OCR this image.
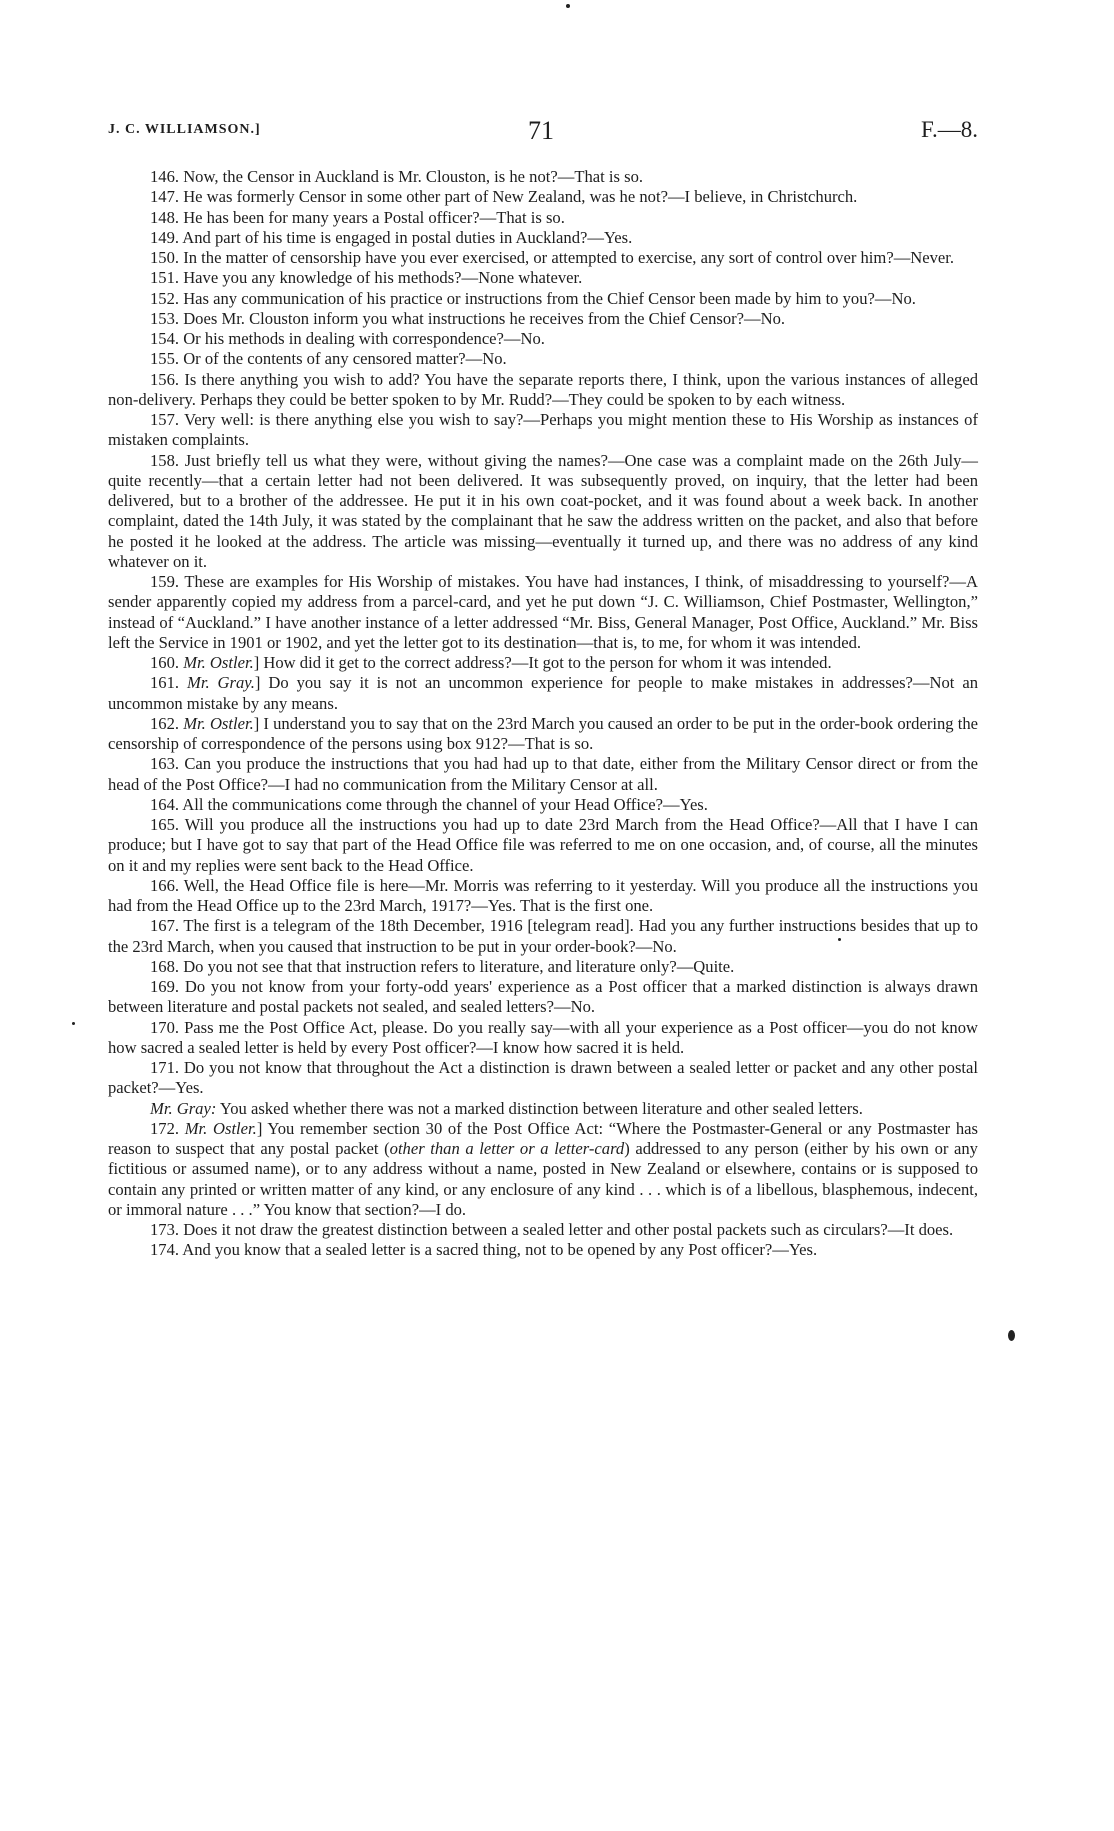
J. C. WILLIAMSON.]	71	F.—8.

146. Now, the Censor in Auckland is Mr. Clouston, is he not?—That is so.

147. He was formerly Censor in some other part of New Zealand, was he not?—I believe, in Christchurch.

148. He has been for many years a Postal officer?—That is so.

149. And part of his time is engaged in postal duties in Auckland?—Yes.

150. In the matter of censorship have you ever exercised, or attempted to exercise, any sort of control over him?—Never.

151. Have you any knowledge of his methods?—None whatever.

152. Has any communication of his practice or instructions from the Chief Censor been made by him to you?—No.

153. Does Mr. Clouston inform you what instructions he receives from the Chief Censor?—No.

154. Or his methods in dealing with correspondence?—No.

155. Or of the contents of any censored matter?—No.

156. Is there anything you wish to add? You have the separate reports there, I think, upon the various instances of alleged non-delivery. Perhaps they could be better spoken to by Mr. Rudd?—They could be spoken to by each witness.

157. Very well: is there anything else you wish to say?—Perhaps you might mention these to His Worship as instances of mistaken complaints.

158. Just briefly tell us what they were, without giving the names?—One case was a complaint made on the 26th July—quite recently—that a certain letter had not been delivered. It was subsequently proved, on inquiry, that the letter had been delivered, but to a brother of the addressee. He put it in his own coat-pocket, and it was found about a week back. In another complaint, dated the 14th July, it was stated by the complainant that he saw the address written on the packet, and also that before he posted it he looked at the address. The article was missing—eventually it turned up, and there was no address of any kind whatever on it.

159. These are examples for His Worship of mistakes. You have had instances, I think, of misaddressing to yourself?—A sender apparently copied my address from a parcel-card, and yet he put down “J. C. Williamson, Chief Postmaster, Wellington,” instead of “Auckland.” I have another instance of a letter addressed “Mr. Biss, General Manager, Post Office, Auckland.” Mr. Biss left the Service in 1901 or 1902, and yet the letter got to its destination—that is, to me, for whom it was intended.

160. Mr. Ostler.] How did it get to the correct address?—It got to the person for whom it was intended.

161. Mr. Gray.] Do you say it is not an uncommon experience for people to make mistakes in addresses?—Not an uncommon mistake by any means.

162. Mr. Ostler.] I understand you to say that on the 23rd March you caused an order to be put in the order-book ordering the censorship of correspondence of the persons using box 912?—That is so.

163. Can you produce the instructions that you had had up to that date, either from the Military Censor direct or from the head of the Post Office?—I had no communication from the Military Censor at all.

164. All the communications come through the channel of your Head Office?—Yes.

165. Will you produce all the instructions you had up to date 23rd March from the Head Office?—All that I have I can produce; but I have got to say that part of the Head Office file was referred to me on one occasion, and, of course, all the minutes on it and my replies were sent back to the Head Office.

166. Well, the Head Office file is here—Mr. Morris was referring to it yesterday. Will you produce all the instructions you had from the Head Office up to the 23rd March, 1917?—Yes. That is the first one.

167. The first is a telegram of the 18th December, 1916 [telegram read]. Had you any further instructions besides that up to the 23rd March, when you caused that instruction to be put in your order-book?—No.

168. Do you not see that that instruction refers to literature, and literature only?—Quite.

169. Do you not know from your forty-odd years' experience as a Post officer that a marked distinction is always drawn between literature and postal packets not sealed, and sealed letters?—No.

170. Pass me the Post Office Act, please. Do you really say—with all your experience as a Post officer—you do not know how sacred a sealed letter is held by every Post officer?—I know how sacred it is held.

171. Do you not know that throughout the Act a distinction is drawn between a sealed letter or packet and any other postal packet?—Yes.

Mr. Gray: You asked whether there was not a marked distinction between literature and other sealed letters.

172. Mr. Ostler.] You remember section 30 of the Post Office Act: “Where the Postmaster-General or any Postmaster has reason to suspect that any postal packet (other than a letter or a letter-card) addressed to any person (either by his own or any fictitious or assumed name), or to any address without a name, posted in New Zealand or elsewhere, contains or is supposed to contain any printed or written matter of any kind, or any enclosure of any kind . . . which is of a libellous, blasphemous, indecent, or immoral nature . . .” You know that section?—I do.

173. Does it not draw the greatest distinction between a sealed letter and other postal packets such as circulars?—It does.

174. And you know that a sealed letter is a sacred thing, not to be opened by any Post officer?—Yes.
